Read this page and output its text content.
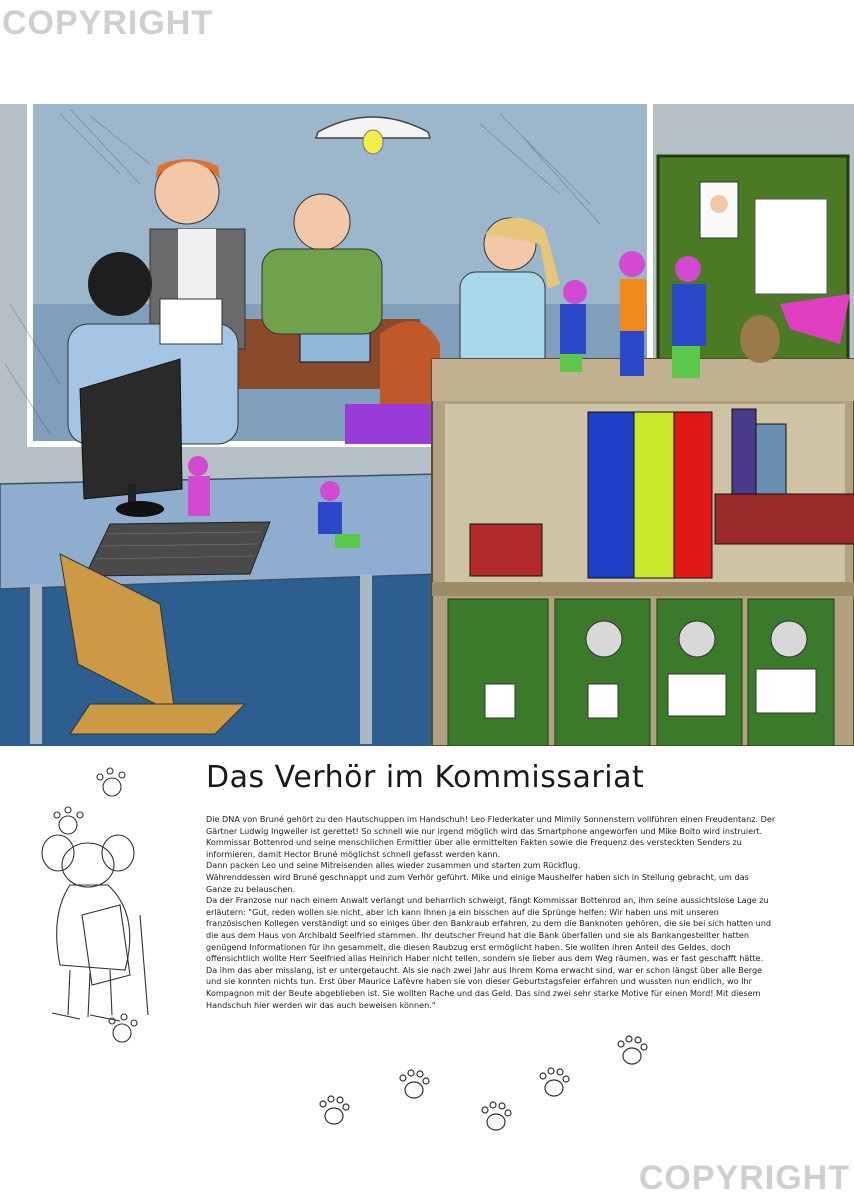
COPYRIGHT
Das Verhör im Kommissariat

Die DNA von Bruné gehört zu den Hautschuppen im Handschuh! Leo Flederkater und Mimily Sonnenstern vollführen einen Freudentanz. Der Gärtner Ludwig Ingweiler ist gerettet! So schnell wie nur irgend möglich wird das Smartphone angeworfen und Mike Bolto wird instruiert. Kommissar Bottenrod und seine menschlichen Ermittler über alle ermittelten Fakten sowie die Frequenz des versteckten Senders zu informieren, damit Hector Bruné möglichst schnell gefasst werden kann.

Dann packen Leo und seine Mitreisenden alles wieder zusammen und starten zum Rückflug.

Währenddessen wird Bruné geschnappt und zum Verhör geführt. Mike und einige Maushelfer haben sich in Stellung gebracht, um das Ganze zu belauschen.

Da der Franzose nur nach einem Anwalt verlangt und beharrlich schweigt, fängt Kommissar Bottenrod an, ihm seine aussichtslose Lage zu erläutern: "Gut, reden wollen sie nicht, aber ich kann Ihnen ja ein bisschen auf die Sprünge helfen: Wir haben uns mit unseren französischen Kollegen verständigt und so einiges über den Bankraub erfahren, zu dem die Banknoten gehören, die sie bei sich hatten und die aus dem Haus von Archibald Seelfried stammen. Ihr deutscher Freund hat die Bank überfallen und sie als Bankangestellter hatten genügend Informationen für ihn gesammelt, die diesen Raubzug erst ermöglicht haben. Sie wollten ihren Anteil des Geldes, doch offensichtlich wollte Herr Seelfried alias Heinrich Haber nicht teilen, sondern sie lieber aus dem Weg räumen, was er fast geschafft hätte. Da ihm das aber misslang, ist er untergetaucht. Als sie nach zwei Jahr aus Ihrem Koma erwacht sind, war er schon längst über alle Berge und sie konnten nichts tun. Erst über Maurice Lafèvre haben sie von dieser Geburtstagsfeier erfahren und wussten nun endlich, wo Ihr Kompagnon mit der Beute abgeblieben ist. Sie wollten Rache und das Geld. Das sind zwei sehr starke Motive für einen Mord! Mit diesem Handschuh hier werden wir das auch beweisen können."

COPYRIGHT
